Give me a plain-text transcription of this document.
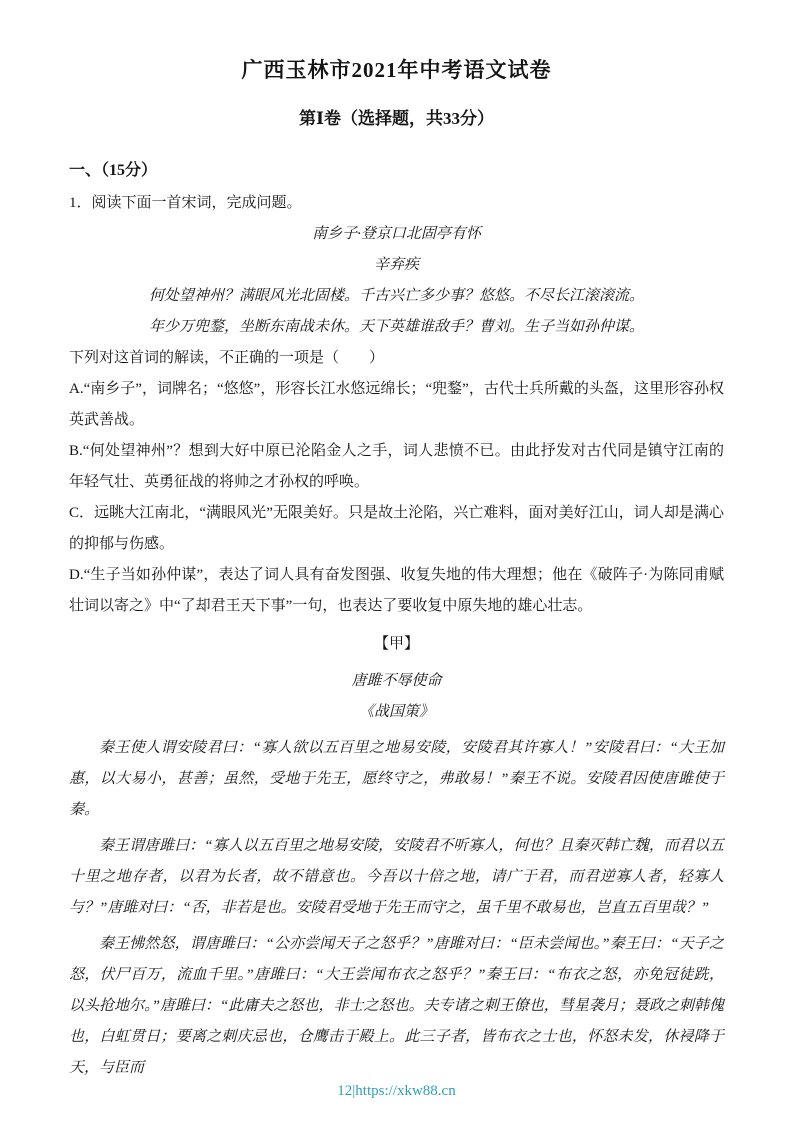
广西玉林市2021年中考语文试卷
第Ⅰ卷（选择题，共33分）
一、（15分）

1．阅读下面一首宋词，完成问题。

南乡子·登京口北固亭有怀

辛弃疾

何处望神州？满眼风光北固楼。千古兴亡多少事？悠悠。不尽长江滚滚流。

年少万兜鍪，坐断东南战未休。天下英雄谁敌手？曹刘。生子当如孙仲谋。

下列对这首词的解读，不正确的一项是（　　）

A.“南乡子”，词牌名；“悠悠”，形容长江水悠远绵长；“兜鍪”，古代士兵所戴的头盔，这里形容孙权英武善战。

B.“何处望神州”？想到大好中原已沦陷金人之手，词人悲愤不已。由此抒发对古代同是镇守江南的年轻气壮、英勇征战的将帅之才孙权的呼唤。

C．远眺大江南北，“满眼风光”无限美好。只是故土沦陷，兴亡难料，面对美好江山，词人却是满心的抑郁与伤感。

D.“生子当如孙仲谋”，表达了词人具有奋发图强、收复失地的伟大理想；他在《破阵子·为陈同甫赋壮词以寄之》中“了却君王天下事”一句，也表达了要收复中原失地的雄心壮志。

【甲】

唐雎不辱使命

《战国策》

秦王使人谓安陵君曰：“寡人欲以五百里之地易安陵，安陵君其许寡人！”安陵君曰：“大王加惠，以大易小，甚善；虽然，受地于先王，愿终守之，弗敢易！”秦王不说。安陵君因使唐雎使于秦。

秦王谓唐雎曰：“寡人以五百里之地易安陵，安陵君不听寡人，何也？且秦灭韩亡魏，而君以五十里之地存者，以君为长者，故不错意也。今吾以十倍之地，请广于君，而君逆寡人者，轻寡人与？”唐雎对曰：“否，非若是也。安陵君受地于先王而守之，虽千里不敢易也，岂直五百里哉？”

秦王怫然怒，谓唐雎曰：“公亦尝闻天子之怒乎？”唐雎对曰：“臣未尝闻也。”秦王曰：“天子之怒，伏尸百万，流血千里。”唐雎曰：“大王尝闻布衣之怒乎？”秦王曰：“布衣之怒，亦免冠徒跣，以头抢地尔。”唐雎曰：“此庸夫之怒也，非士之怒也。夫专诸之刺王僚也，彗星袭月；聂政之刺韩傀也，白虹贯日；要离之刺庆忌也，仓鹰击于殿上。此三子者，皆布衣之士也，怀怒未发，休祲降于天，与臣而

12|https://xkw88.cn
